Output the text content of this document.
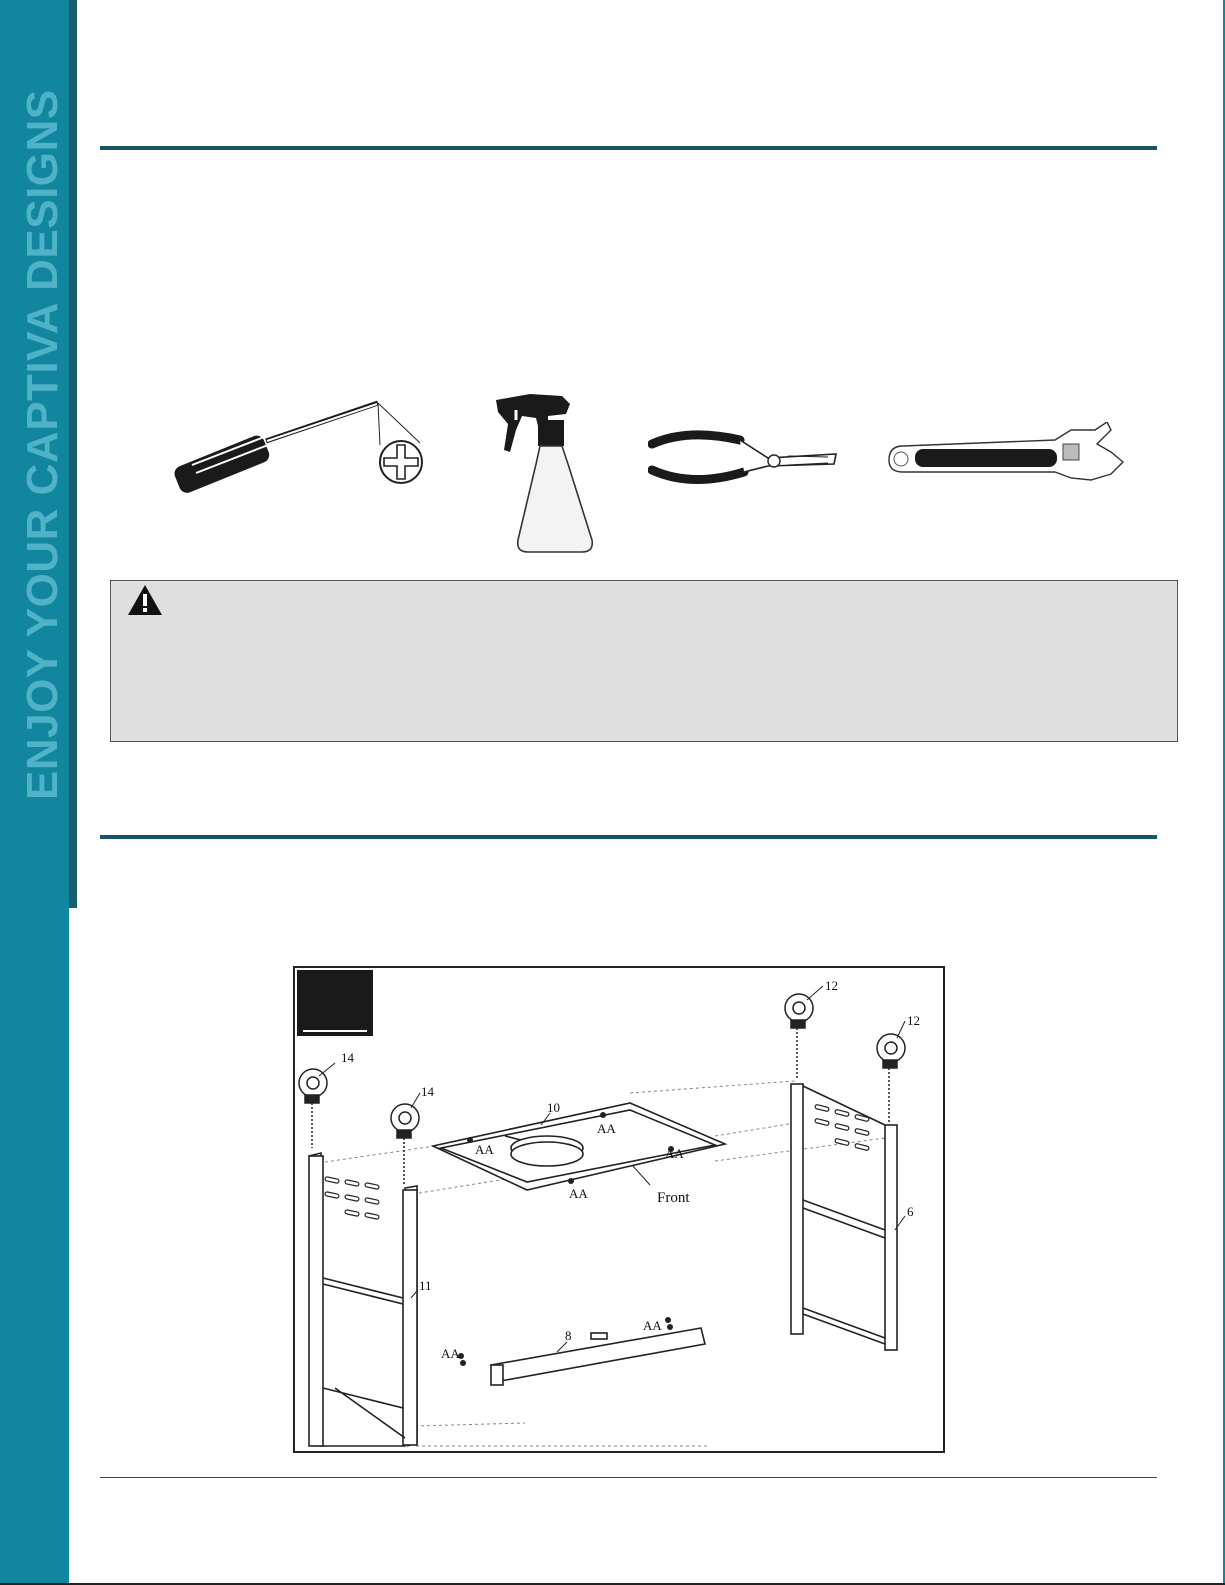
ENJOY YOUR CAPTIVA DESIGNS
14
14
12
12
10
11
6
8
Front
AA
AA
AA
AA
AA
AA
